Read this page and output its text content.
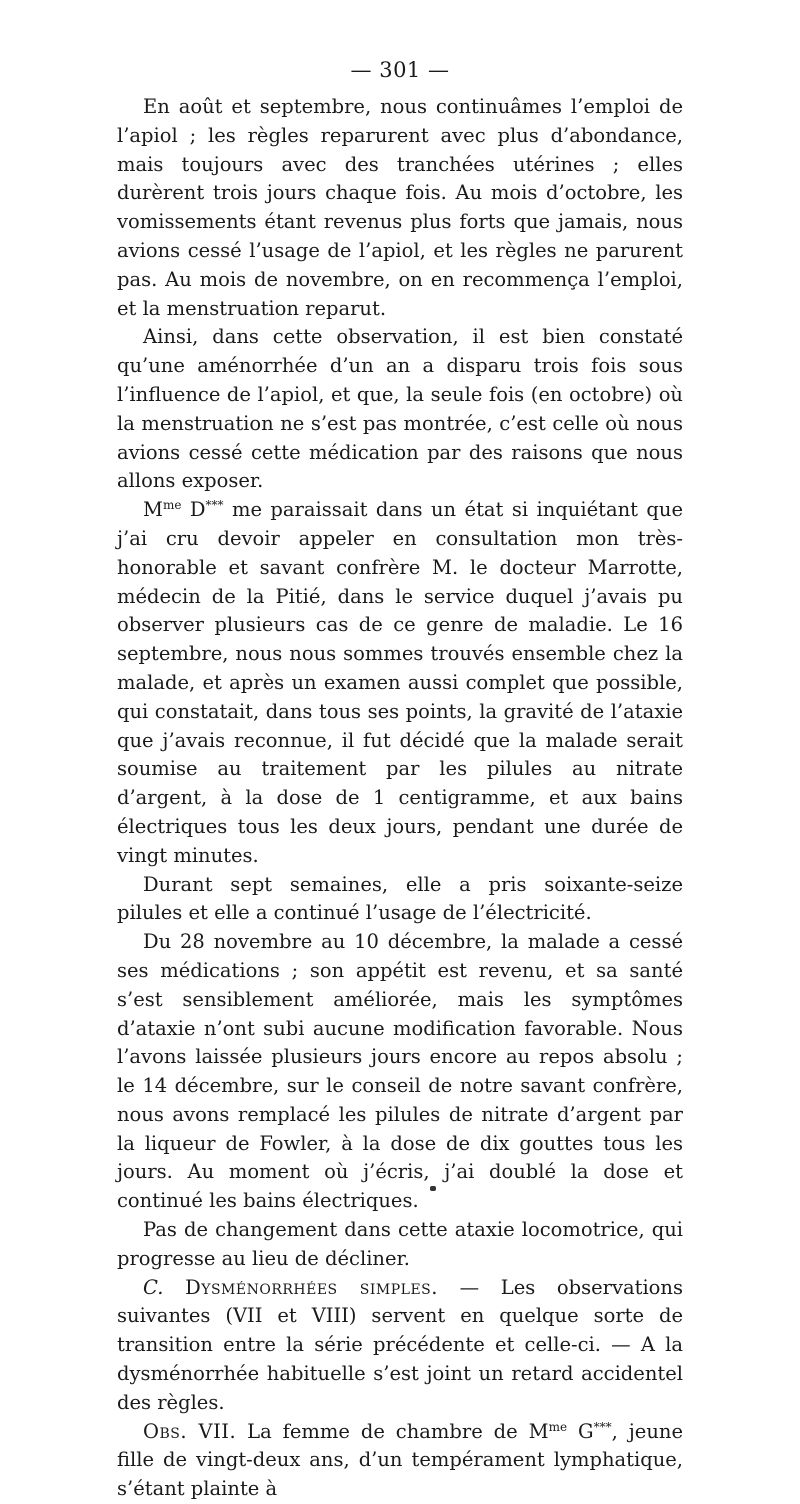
— 301 —

En août et septembre, nous continuâmes l’emploi de l’apiol ; les règles reparurent avec plus d’abondance, mais toujours avec des tranchées utérines ; elles durèrent trois jours chaque fois. Au mois d’octobre, les vomissements étant revenus plus forts que jamais, nous avions cessé l’usage de l’apiol, et les règles ne parurent pas. Au mois de novembre, on en recommença l’emploi, et la menstruation reparut.

Ainsi, dans cette observation, il est bien constaté qu’une aménorrhée d’un an a disparu trois fois sous l’influence de l’apiol, et que, la seule fois (en octobre) où la menstruation ne s’est pas montrée, c’est celle où nous avions cessé cette médication par des raisons que nous allons exposer.

$M^{me}$ D*** me paraissait dans un état si inquiétant que j’ai cru devoir appeler en consultation mon très-honorable et savant confrère M. le docteur Marrotte, médecin de la Pitié, dans le service duquel j’avais pu observer plusieurs cas de ce genre de maladie. Le 16 septembre, nous nous sommes trouvés ensemble chez la malade, et après un examen aussi complet que possible, qui constatait, dans tous ses points, la gravité de l’ataxie que j’avais reconnue, il fut décidé que la malade serait soumise au traitement par les pilules au nitrate d’argent, à la dose de 1 centigramme, et aux bains électriques tous les deux jours, pendant une durée de vingt minutes.

Durant sept semaines, elle a pris soixante-seize pilules et elle a continué l’usage de l’électricité.

Du 28 novembre au 10 décembre, la malade a cessé ses médications ; son appétit est revenu, et sa santé s’est sensiblement améliorée, mais les symptômes d’ataxie n’ont subi aucune modification favorable. Nous l’avons laissée plusieurs jours encore au repos absolu ; le 14 décembre, sur le conseil de notre savant confrère, nous avons remplacé les pilules de nitrate d’argent par la liqueur de Fowler, à la dose de dix gouttes tous les jours. Au moment où j’écris, j’ai doublé la dose et continué les bains électriques.

Pas de changement dans cette ataxie locomotrice, qui progresse au lieu de décliner.

C. Dysménorrhées simples. — Les observations suivantes (VII et VIII) servent en quelque sorte de transition entre la série précédente et celle-ci. — A la dysménorrhée habituelle s’est joint un retard accidentel des règles.

Obs. VII. La femme de chambre de $M^{me}$ G***, jeune fille de vingt-deux ans, d’un tempérament lymphatique, s’étant plainte à
